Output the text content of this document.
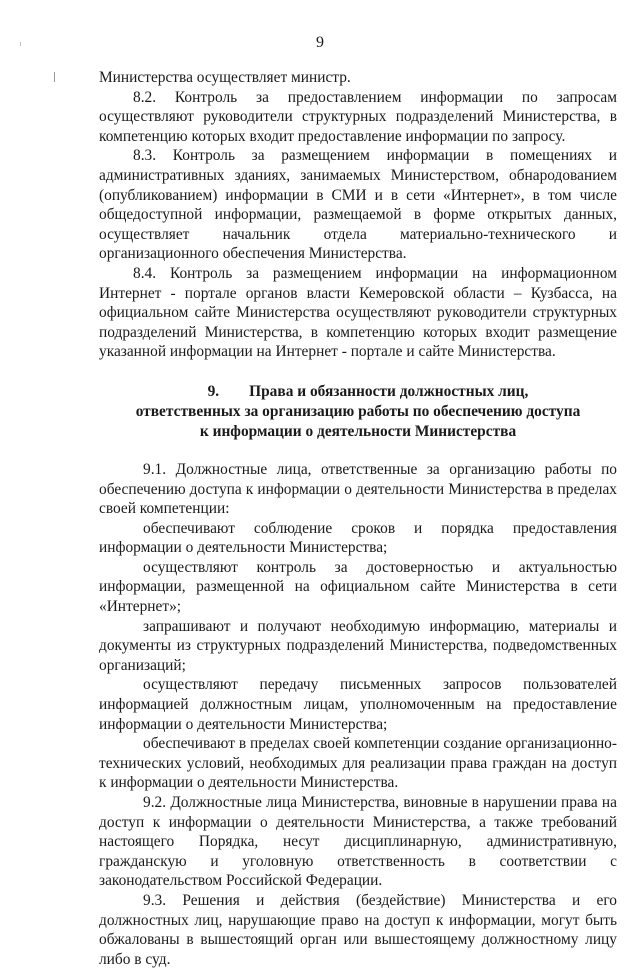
9

Министерства осуществляет министр.

8.2. Контроль за предоставлением информации по запросам осуществляют руководители структурных подразделений Министерства, в компетенцию которых входит предоставление информации по запросу.

8.3. Контроль за размещением информации в помещениях и административных зданиях, занимаемых Министерством, обнародованием (опубликованием) информации в СМИ и в сети «Интернет», в том числе общедоступной информации, размещаемой в форме открытых данных, осуществляет начальник отдела материально-технического и организационного обеспечения Министерства.

8.4. Контроль за размещением информации на информационном Интернет - портале органов власти Кемеровской области – Кузбасса, на официальном сайте Министерства осуществляют руководители структурных подразделений Министерства, в компетенцию которых входит размещение указанной информации на Интернет - портале и сайте Министерства.

9. Права и обязанности должностных лиц,
ответственных за организацию работы по обеспечению доступа
к информации о деятельности Министерства

9.1. Должностные лица, ответственные за организацию работы по обеспечению доступа к информации о деятельности Министерства в пределах своей компетенции:

обеспечивают соблюдение сроков и порядка предоставления информации о деятельности Министерства;

осуществляют контроль за достоверностью и актуальностью информации, размещенной на официальном сайте Министерства в сети «Интернет»;

запрашивают и получают необходимую информацию, материалы и документы из структурных подразделений Министерства, подведомственных организаций;

осуществляют передачу письменных запросов пользователей информацией должностным лицам, уполномоченным на предоставление информации о деятельности Министерства;

обеспечивают в пределах своей компетенции создание организационно-технических условий, необходимых для реализации права граждан на доступ к информации о деятельности Министерства.

9.2. Должностные лица Министерства, виновные в нарушении права на доступ к информации о деятельности Министерства, а также требований настоящего Порядка, несут дисциплинарную, административную, гражданскую и уголовную ответственность в соответствии с законодательством Российской Федерации.

9.3. Решения и действия (бездействие) Министерства и его должностных лиц, нарушающие право на доступ к информации, могут быть обжалованы в вышестоящий орган или вышестоящему должностному лицу либо в суд.
